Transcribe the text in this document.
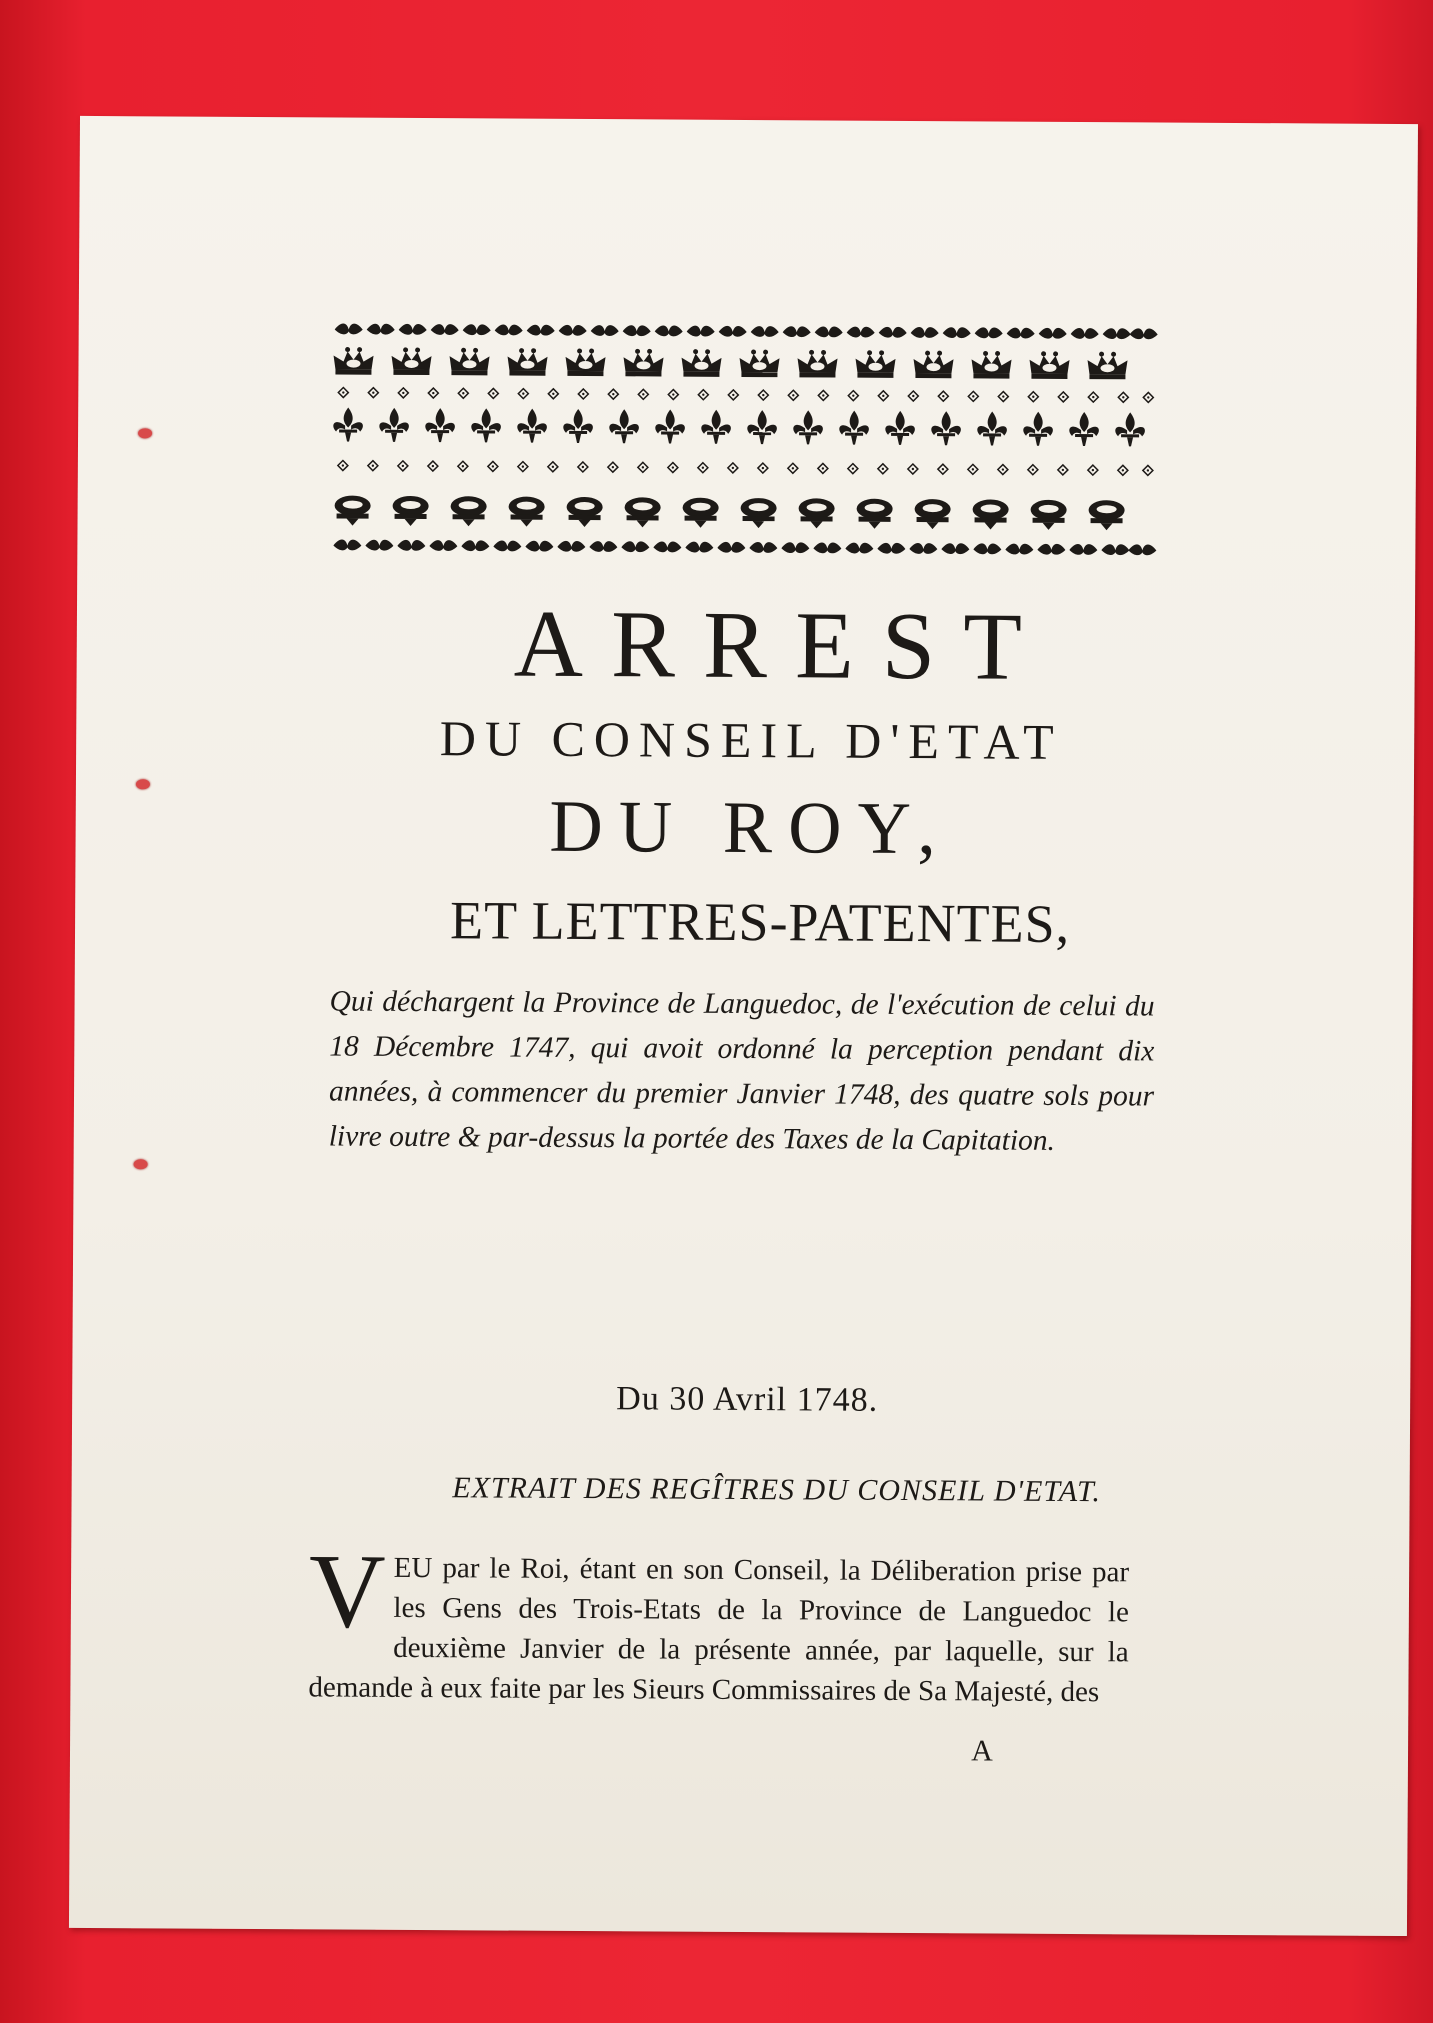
ARREST
DU CONSEIL D'ETAT
DU ROY,
ET LETTRES-PATENTES,
Qui déchargent la Province de Languedoc, de l'exécution de celui du 18 Décembre 1747, qui avoit ordonné la perception pendant dix années, à commencer du premier Janvier 1748, des quatre sols pour livre outre & par-dessus la portée des Taxes de la Capitation.
Du 30 Avril 1748.
EXTRAIT DES REGÎTRES DU CONSEIL D'ETAT.
V EU par le Roi, étant en son Conseil, la Déliberation prise par les Gens des Trois-Etats de la Province de Languedoc le deuxième Janvier de la présente année, par laquelle, sur la demande à eux faite par les Sieurs Commissaires de Sa Majesté, des
A
